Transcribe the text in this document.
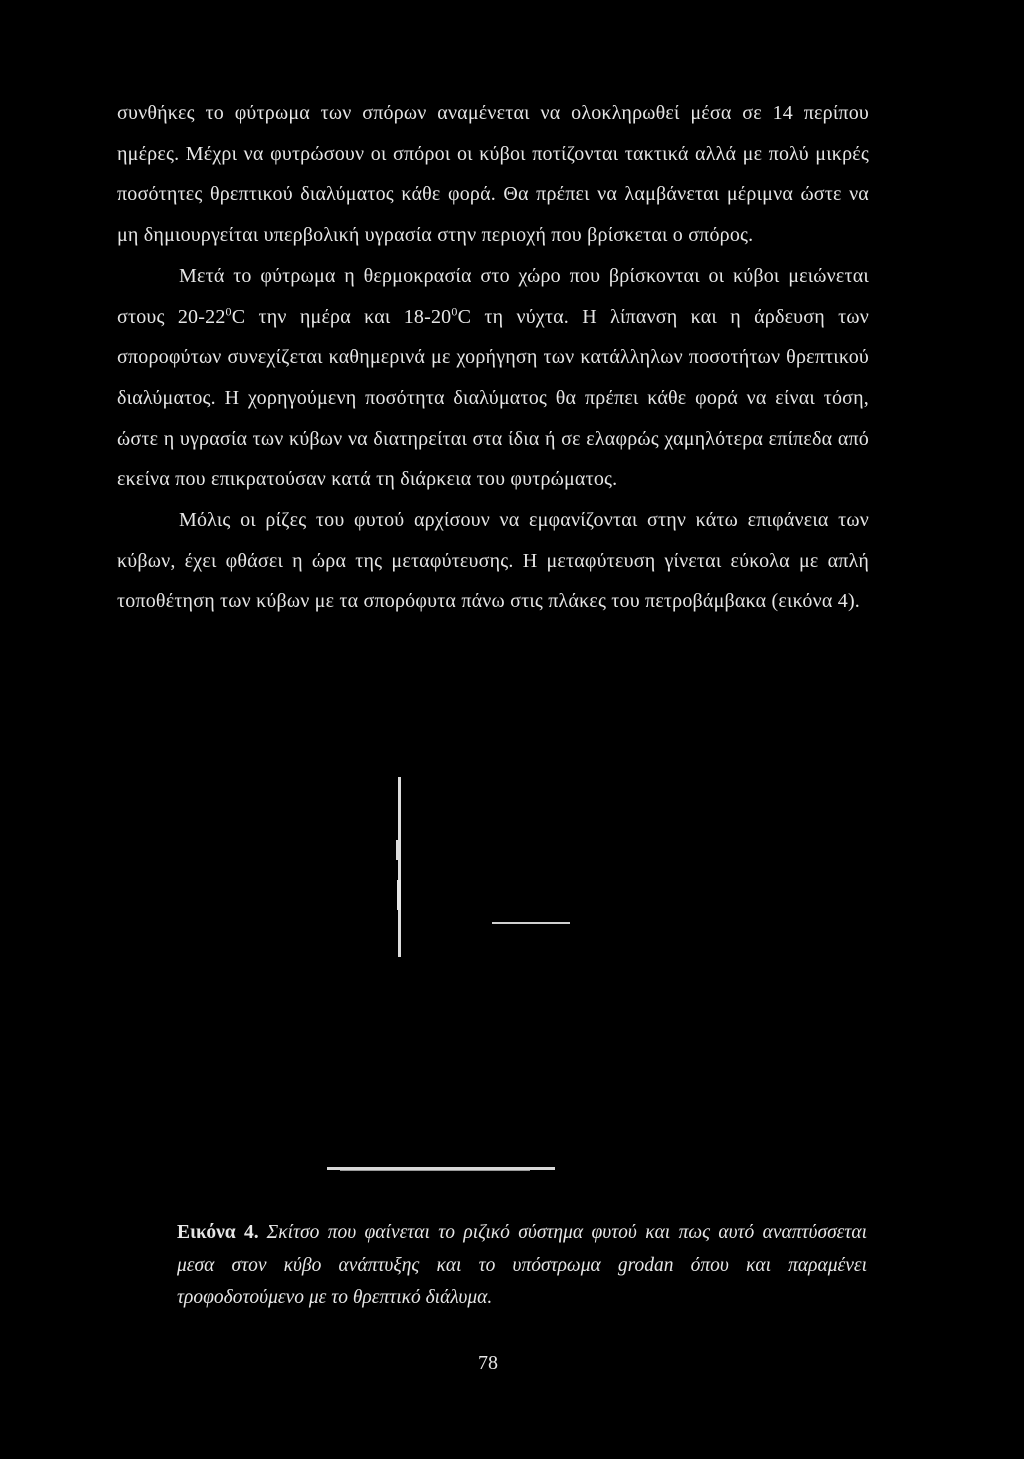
συνθήκες το φύτρωμα των σπόρων αναμένεται να ολοκληρωθεί μέσα σε 14 περίπου ημέρες. Μέχρι να φυτρώσουν οι σπόροι οι κύβοι ποτίζονται τακτικά αλλά με πολύ μικρές ποσότητες θρεπτικού διαλύματος κάθε φορά. Θα πρέπει να λαμβάνεται μέριμνα ώστε να μη δημιουργείται υπερβολική υγρασία στην περιοχή που βρίσκεται ο σπόρος.

Μετά το φύτρωμα η θερμοκρασία στο χώρο που βρίσκονται οι κύβοι μειώνεται στους $20-22^0C$ την ημέρα και $18-20^0C$ τη νύχτα. Η λίπανση και η άρδευση των σποροφύτων συνεχίζεται καθημερινά με χορήγηση των κατάλληλων ποσοτήτων θρεπτικού διαλύματος. Η χορηγούμενη ποσότητα διαλύματος θα πρέπει κάθε φορά να είναι τόση, ώστε η υγρασία των κύβων να διατηρείται στα ίδια ή σε ελαφρώς χαμηλότερα επίπεδα από εκείνα που επικρατούσαν κατά τη διάρκεια του φυτρώματος.

Μόλις οι ρίζες του φυτού αρχίσουν να εμφανίζονται στην κάτω επιφάνεια των κύβων, έχει φθάσει η ώρα της μεταφύτευσης. Η μεταφύτευση γίνεται εύκολα με απλή τοποθέτηση των κύβων με τα σπορόφυτα πάνω στις πλάκες του πετροβάμβακα (εικόνα 4).

Εικόνα 4. Σκίτσο που φαίνεται το ριζικό σύστημα φυτού και πως αυτό αναπτύσσεται μεσα στον κύβο ανάπτυξης και το υπόστρωμα grodan όπου και παραμένει τροφοδοτούμενο με το θρεπτικό διάλυμα.
78
